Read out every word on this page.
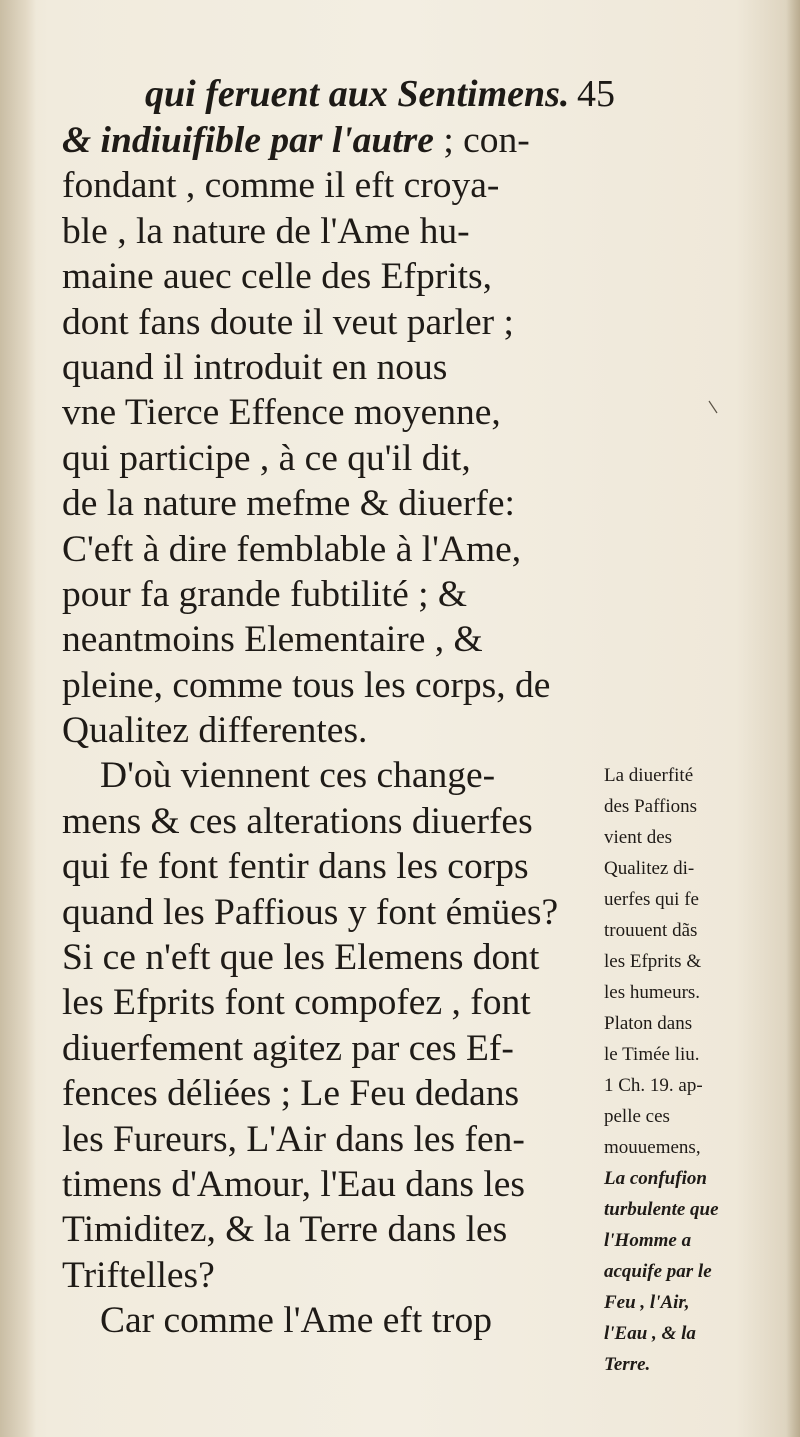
qui feruent aux Sentimens. 45
& indiuifible par l'autre ; con-
fondant , comme il eft croya-
ble , la nature de l'Ame hu-
maine auec celle des Efprits,
dont fans doute il veut parler ;
quand il introduit en nous
vne Tierce Effence moyenne,
qui participe , à ce qu'il dit,
de la nature mefme & diuerfe:
C'eft à dire femblable à l'Ame,
pour fa grande fubtilité ; &
neantmoins Elementaire , &
pleine, comme tous les corps, de
Qualitez differentes.
D'où viennent ces change-
mens & ces alterations diuerfes
qui fe font fentir dans les corps
quand les Paffious y font émües?
Si ce n'eft que les Elemens dont
les Efprits font compofez , font
diuerfement agitez par ces Ef-
fences déliées ; Le Feu dedans
les Fureurs, L'Air dans les fen-
timens d'Amour, l'Eau dans les
Timiditez, & la Terre dans les
Triftelles?
Car comme l'Ame eft trop
La diuerfité
des Paffions
vient des
Qualitez di-
uerfes qui fe
trouuent dãs
les Efprits &
les humeurs.
Platon dans
le Timée liu.
1 Ch. 19. ap-
pelle ces
mouuemens,
La confufion
turbulente que
l'Homme a
acquife par le
Feu , l'Air,
l'Eau , & la
Terre.
